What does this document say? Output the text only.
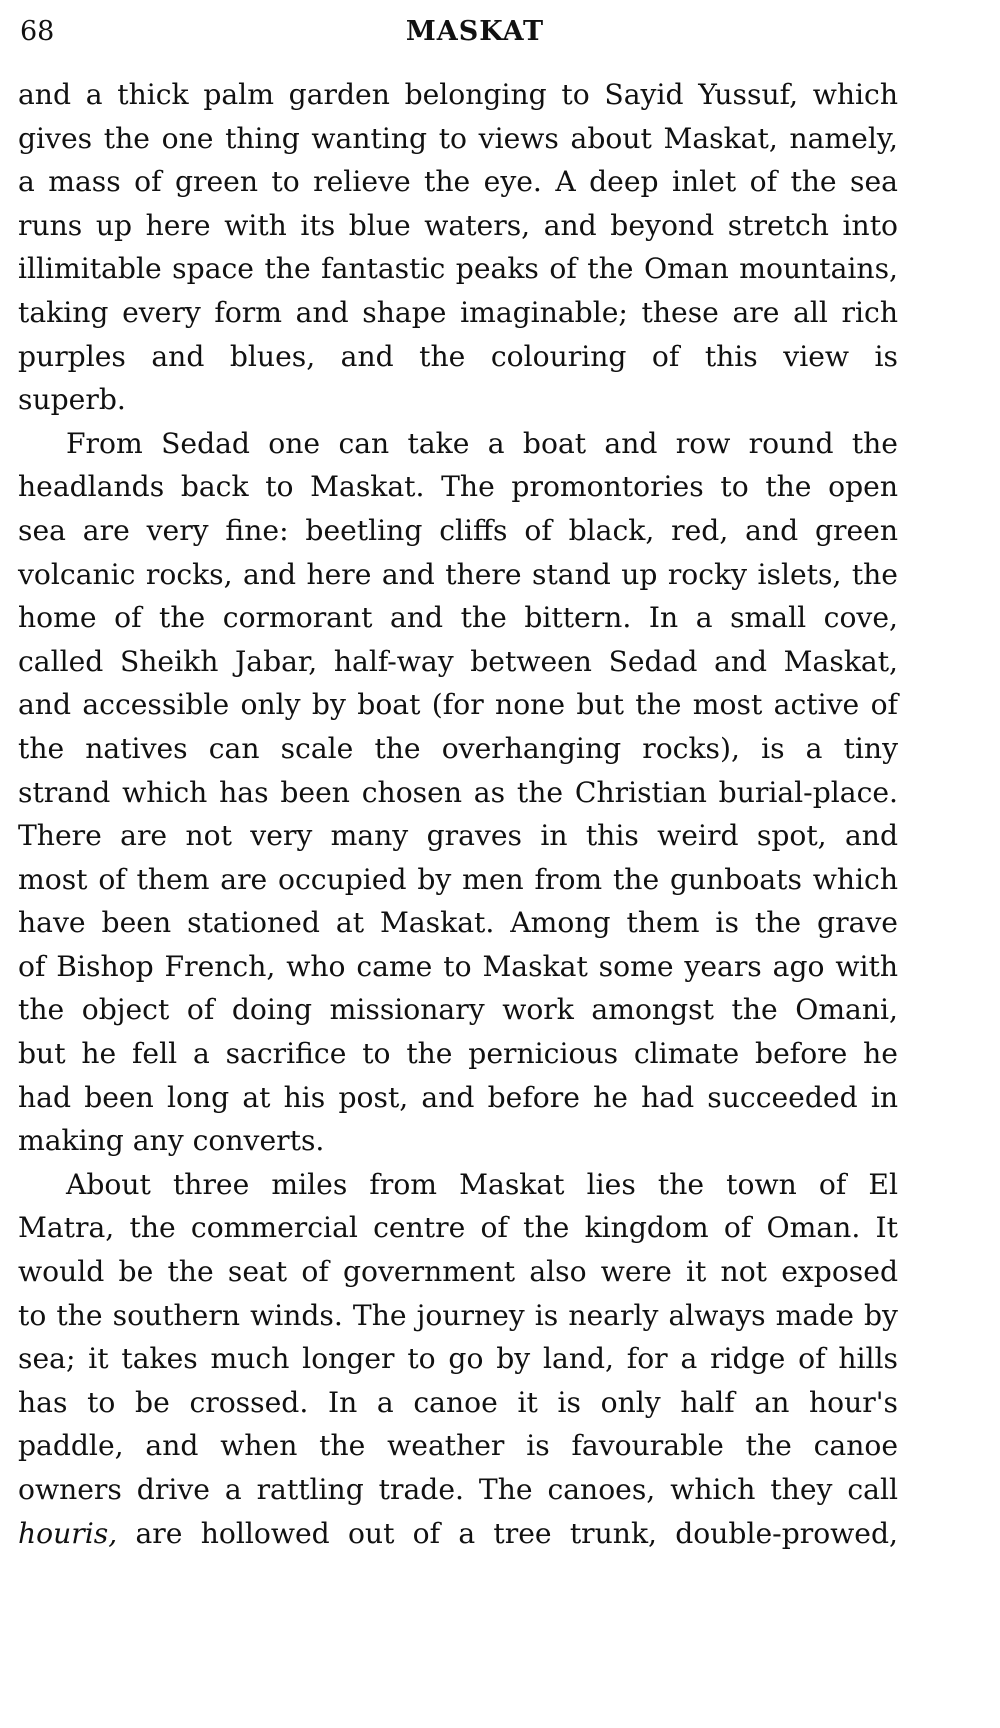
68	MASKAT
and a thick palm garden belonging to Sayid Yussuf, which
gives the one thing wanting to views about Maskat, namely,
a mass of green to relieve the eye. A deep inlet of the sea
runs up here with its blue waters, and beyond stretch into
illimitable space the fantastic peaks of the Oman mountains,
taking every form and shape imaginable; these are all rich
purples and blues, and the colouring of this view is
superb.
From Sedad one can take a boat and row round the
headlands back to Maskat. The promontories to the open
sea are very fine: beetling cliffs of black, red, and green
volcanic rocks, and here and there stand up rocky islets, the
home of the cormorant and the bittern. In a small cove,
called Sheikh Jabar, half-way between Sedad and Maskat,
and accessible only by boat (for none but the most active of
the natives can scale the overhanging rocks), is a tiny
strand which has been chosen as the Christian burial-place.
There are not very many graves in this weird spot, and
most of them are occupied by men from the gunboats which
have been stationed at Maskat. Among them is the grave
of Bishop French, who came to Maskat some years ago with
the object of doing missionary work amongst the Omani,
but he fell a sacrifice to the pernicious climate before he
had been long at his post, and before he had succeeded in
making any converts.
About three miles from Maskat lies the town of El
Matra, the commercial centre of the kingdom of Oman. It
would be the seat of government also were it not exposed
to the southern winds. The journey is nearly always made by
sea; it takes much longer to go by land, for a ridge of hills
has to be crossed. In a canoe it is only half an hour's
paddle, and when the weather is favourable the canoe
owners drive a rattling trade. The canoes, which they call
houris, are hollowed out of a tree trunk, double-prowed,
